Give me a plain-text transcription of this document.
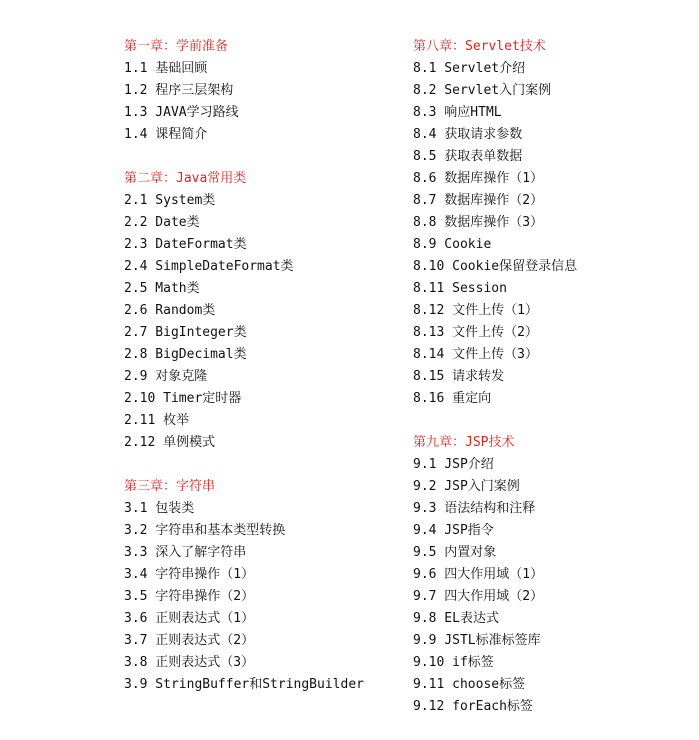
第一章：学前准备
1.1 基础回顾
1.2 程序三层架构
1.3 JAVA学习路线
1.4 课程简介
第二章：Java常用类
2.1 System类
2.2 Date类
2.3 DateFormat类
2.4 SimpleDateFormat类
2.5 Math类
2.6 Random类
2.7 BigInteger类
2.8 BigDecimal类
2.9 对象克隆
2.10 Timer定时器
2.11 枚举
2.12 单例模式
第三章：字符串
3.1 包装类
3.2 字符串和基本类型转换
3.3 深入了解字符串
3.4 字符串操作（1）
3.5 字符串操作（2）
3.6 正则表达式（1）
3.7 正则表达式（2）
3.8 正则表达式（3）
3.9 StringBuffer和StringBuilder
第八章：Servlet技术
8.1 Servlet介绍
8.2 Servlet入门案例
8.3 响应HTML
8.4 获取请求参数
8.5 获取表单数据
8.6 数据库操作（1）
8.7 数据库操作（2）
8.8 数据库操作（3）
8.9 Cookie
8.10 Cookie保留登录信息
8.11 Session
8.12 文件上传（1）
8.13 文件上传（2）
8.14 文件上传（3）
8.15 请求转发
8.16 重定向
第九章：JSP技术
9.1 JSP介绍
9.2 JSP入门案例
9.3 语法结构和注释
9.4 JSP指令
9.5 内置对象
9.6 四大作用域（1）
9.7 四大作用域（2）
9.8 EL表达式
9.9 JSTL标准标签库
9.10 if标签
9.11 choose标签
9.12 forEach标签
